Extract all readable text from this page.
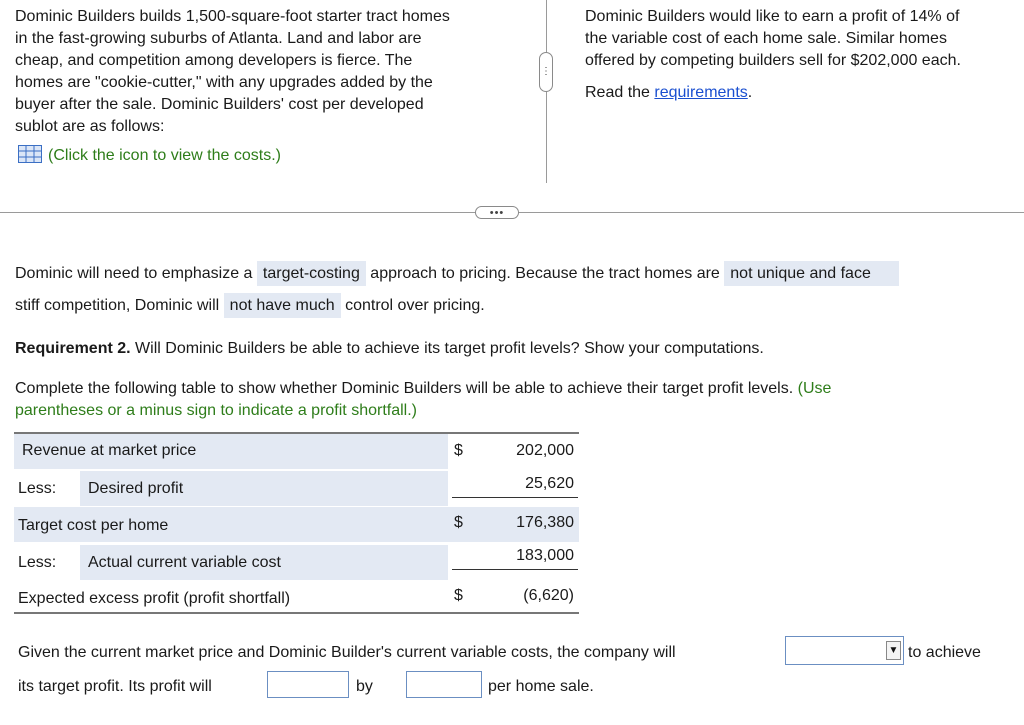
Dominic Builders builds 1,500-square-foot starter tract homes
in the fast-growing suburbs of Atlanta. Land and labor are
cheap, and competition among developers is fierce. The
homes are "cookie-cutter," with any upgrades added by the
buyer after the sale. Dominic Builders' cost per developed
sublot are as follows:
(Click the icon to view the costs.)
⋮
•••
Dominic Builders would like to earn a profit of 14% of
the variable cost of each home sale. Similar homes
offered by competing builders sell for $202,000 each.
Read the requirements.
Dominic will need to emphasize a target-costing approach to pricing. Because the tract homes are not unique and face
stiff competition, Dominic will not have much control over pricing.
Requirement 2. Will Dominic Builders be able to achieve its target profit levels? Show your computations.
Complete the following table to show whether Dominic Builders will be able to achieve their target profit levels. (Use
parentheses or a minus sign to indicate a profit shortfall.)
Revenue at market price	$	202,000
Less: Desired profit	25,620
Target cost per home	$	176,380
Less: Actual current variable cost	183,000
Expected excess profit (profit shortfall)	$	(6,620)
Given the current market price and Dominic Builder's current variable costs, the company will	▼ to achieve
its target profit. Its profit will	by	per home sale.
